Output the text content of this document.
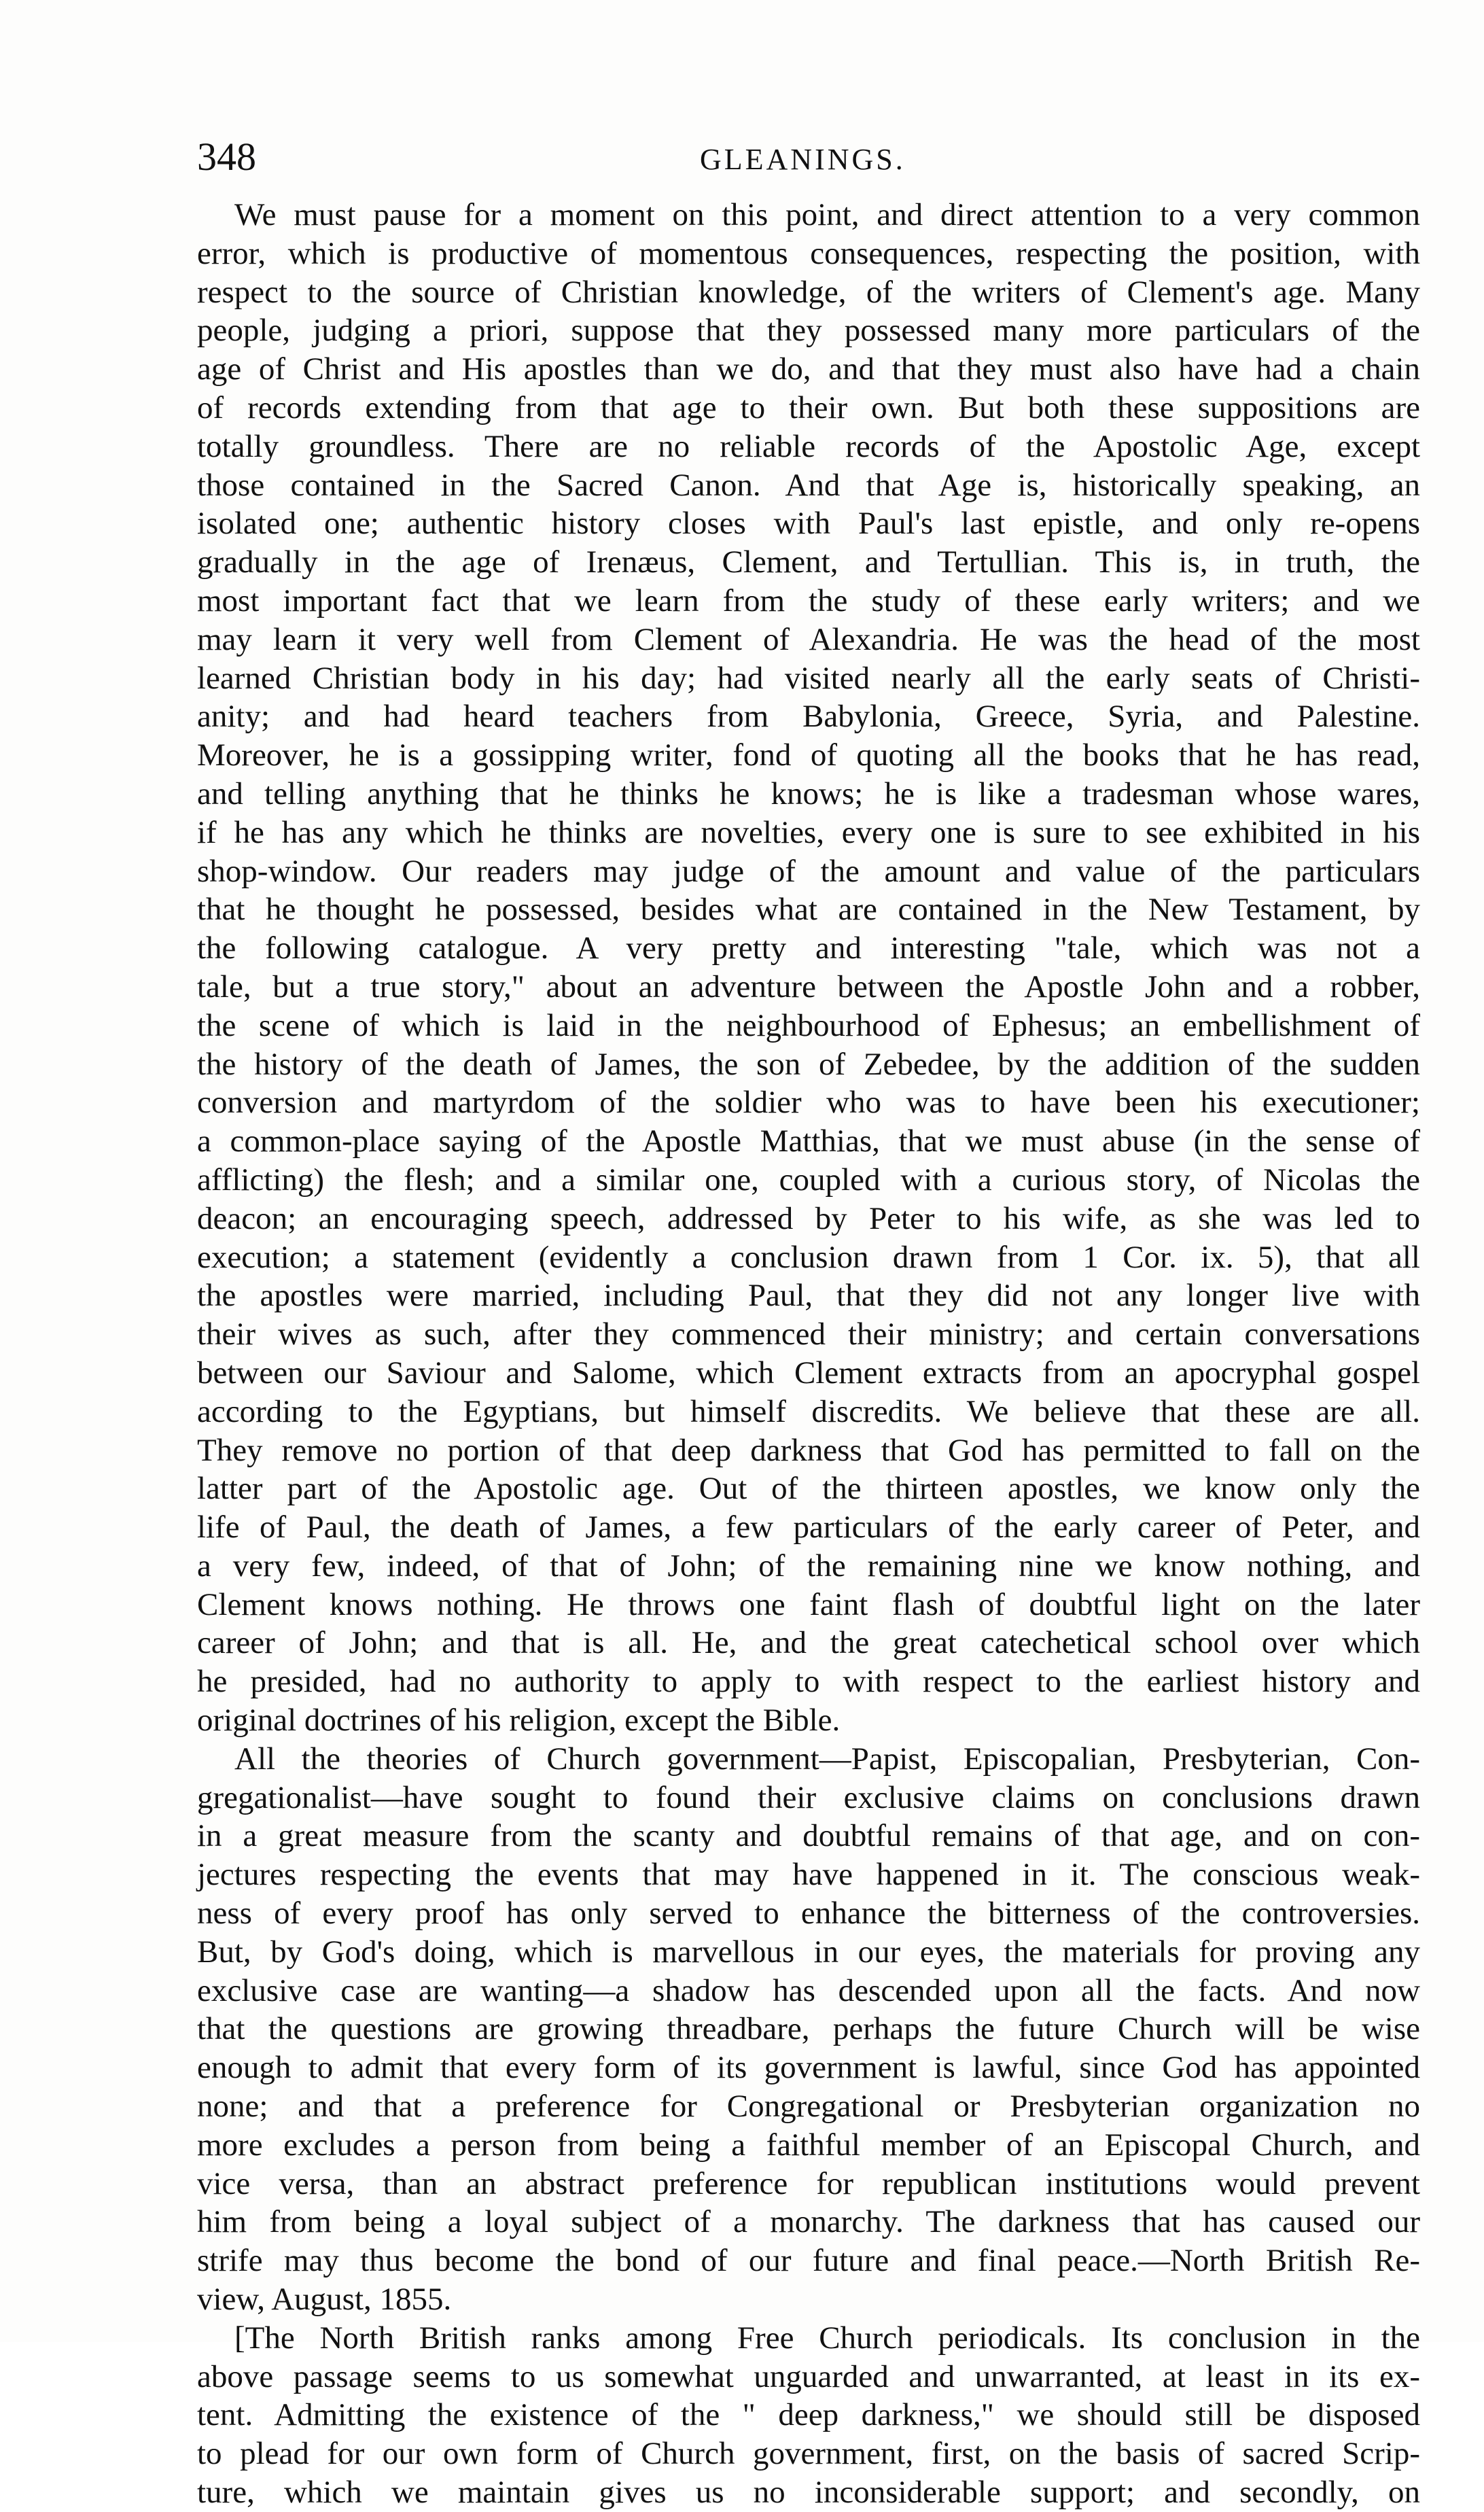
348	GLEANINGS.
We must pause for a moment on this point, and direct attention to a very common
error, which is productive of momentous consequences, respecting the position, with
respect to the source of Christian knowledge, of the writers of Clement's age. Many
people, judging a priori, suppose that they possessed many more particulars of the
age of Christ and His apostles than we do, and that they must also have had a chain
of records extending from that age to their own. But both these suppositions are
totally groundless. There are no reliable records of the Apostolic Age, except
those contained in the Sacred Canon. And that Age is, historically speaking, an
isolated one; authentic history closes with Paul's last epistle, and only re-opens
gradually in the age of Irenæus, Clement, and Tertullian. This is, in truth, the
most important fact that we learn from the study of these early writers; and we
may learn it very well from Clement of Alexandria. He was the head of the most
learned Christian body in his day; had visited nearly all the early seats of Christi-
anity; and had heard teachers from Babylonia, Greece, Syria, and Palestine.
Moreover, he is a gossipping writer, fond of quoting all the books that he has read,
and telling anything that he thinks he knows; he is like a tradesman whose wares,
if he has any which he thinks are novelties, every one is sure to see exhibited in his
shop-window. Our readers may judge of the amount and value of the particulars
that he thought he possessed, besides what are contained in the New Testament, by
the following catalogue. A very pretty and interesting "tale, which was not a
tale, but a true story," about an adventure between the Apostle John and a robber,
the scene of which is laid in the neighbourhood of Ephesus; an embellishment of
the history of the death of James, the son of Zebedee, by the addition of the sudden
conversion and martyrdom of the soldier who was to have been his executioner;
a common-place saying of the Apostle Matthias, that we must abuse (in the sense of
afflicting) the flesh; and a similar one, coupled with a curious story, of Nicolas the
deacon; an encouraging speech, addressed by Peter to his wife, as she was led to
execution; a statement (evidently a conclusion drawn from 1 Cor. ix. 5), that all
the apostles were married, including Paul, that they did not any longer live with
their wives as such, after they commenced their ministry; and certain conversations
between our Saviour and Salome, which Clement extracts from an apocryphal gospel
according to the Egyptians, but himself discredits. We believe that these are all.
They remove no portion of that deep darkness that God has permitted to fall on the
latter part of the Apostolic age. Out of the thirteen apostles, we know only the
life of Paul, the death of James, a few particulars of the early career of Peter, and
a very few, indeed, of that of John; of the remaining nine we know nothing, and
Clement knows nothing. He throws one faint flash of doubtful light on the later
career of John; and that is all. He, and the great catechetical school over which
he presided, had no authority to apply to with respect to the earliest history and
original doctrines of his religion, except the Bible.
All the theories of Church government—Papist, Episcopalian, Presbyterian, Con-
gregationalist—have sought to found their exclusive claims on conclusions drawn
in a great measure from the scanty and doubtful remains of that age, and on con-
jectures respecting the events that may have happened in it. The conscious weak-
ness of every proof has only served to enhance the bitterness of the controversies.
But, by God's doing, which is marvellous in our eyes, the materials for proving any
exclusive case are wanting—a shadow has descended upon all the facts. And now
that the questions are growing threadbare, perhaps the future Church will be wise
enough to admit that every form of its government is lawful, since God has appointed
none; and that a preference for Congregational or Presbyterian organization no
more excludes a person from being a faithful member of an Episcopal Church, and
vice versa, than an abstract preference for republican institutions would prevent
him from being a loyal subject of a monarchy. The darkness that has caused our
strife may thus become the bond of our future and final peace.—North British Re-
view, August, 1855.
[The North British ranks among Free Church periodicals. Its conclusion in the
above passage seems to us somewhat unguarded and unwarranted, at least in its ex-
tent. Admitting the existence of the " deep darkness," we should still be disposed
to plead for our own form of Church government, first, on the basis of sacred Scrip-
ture, which we maintain gives us no inconsiderable support; and secondly, on
